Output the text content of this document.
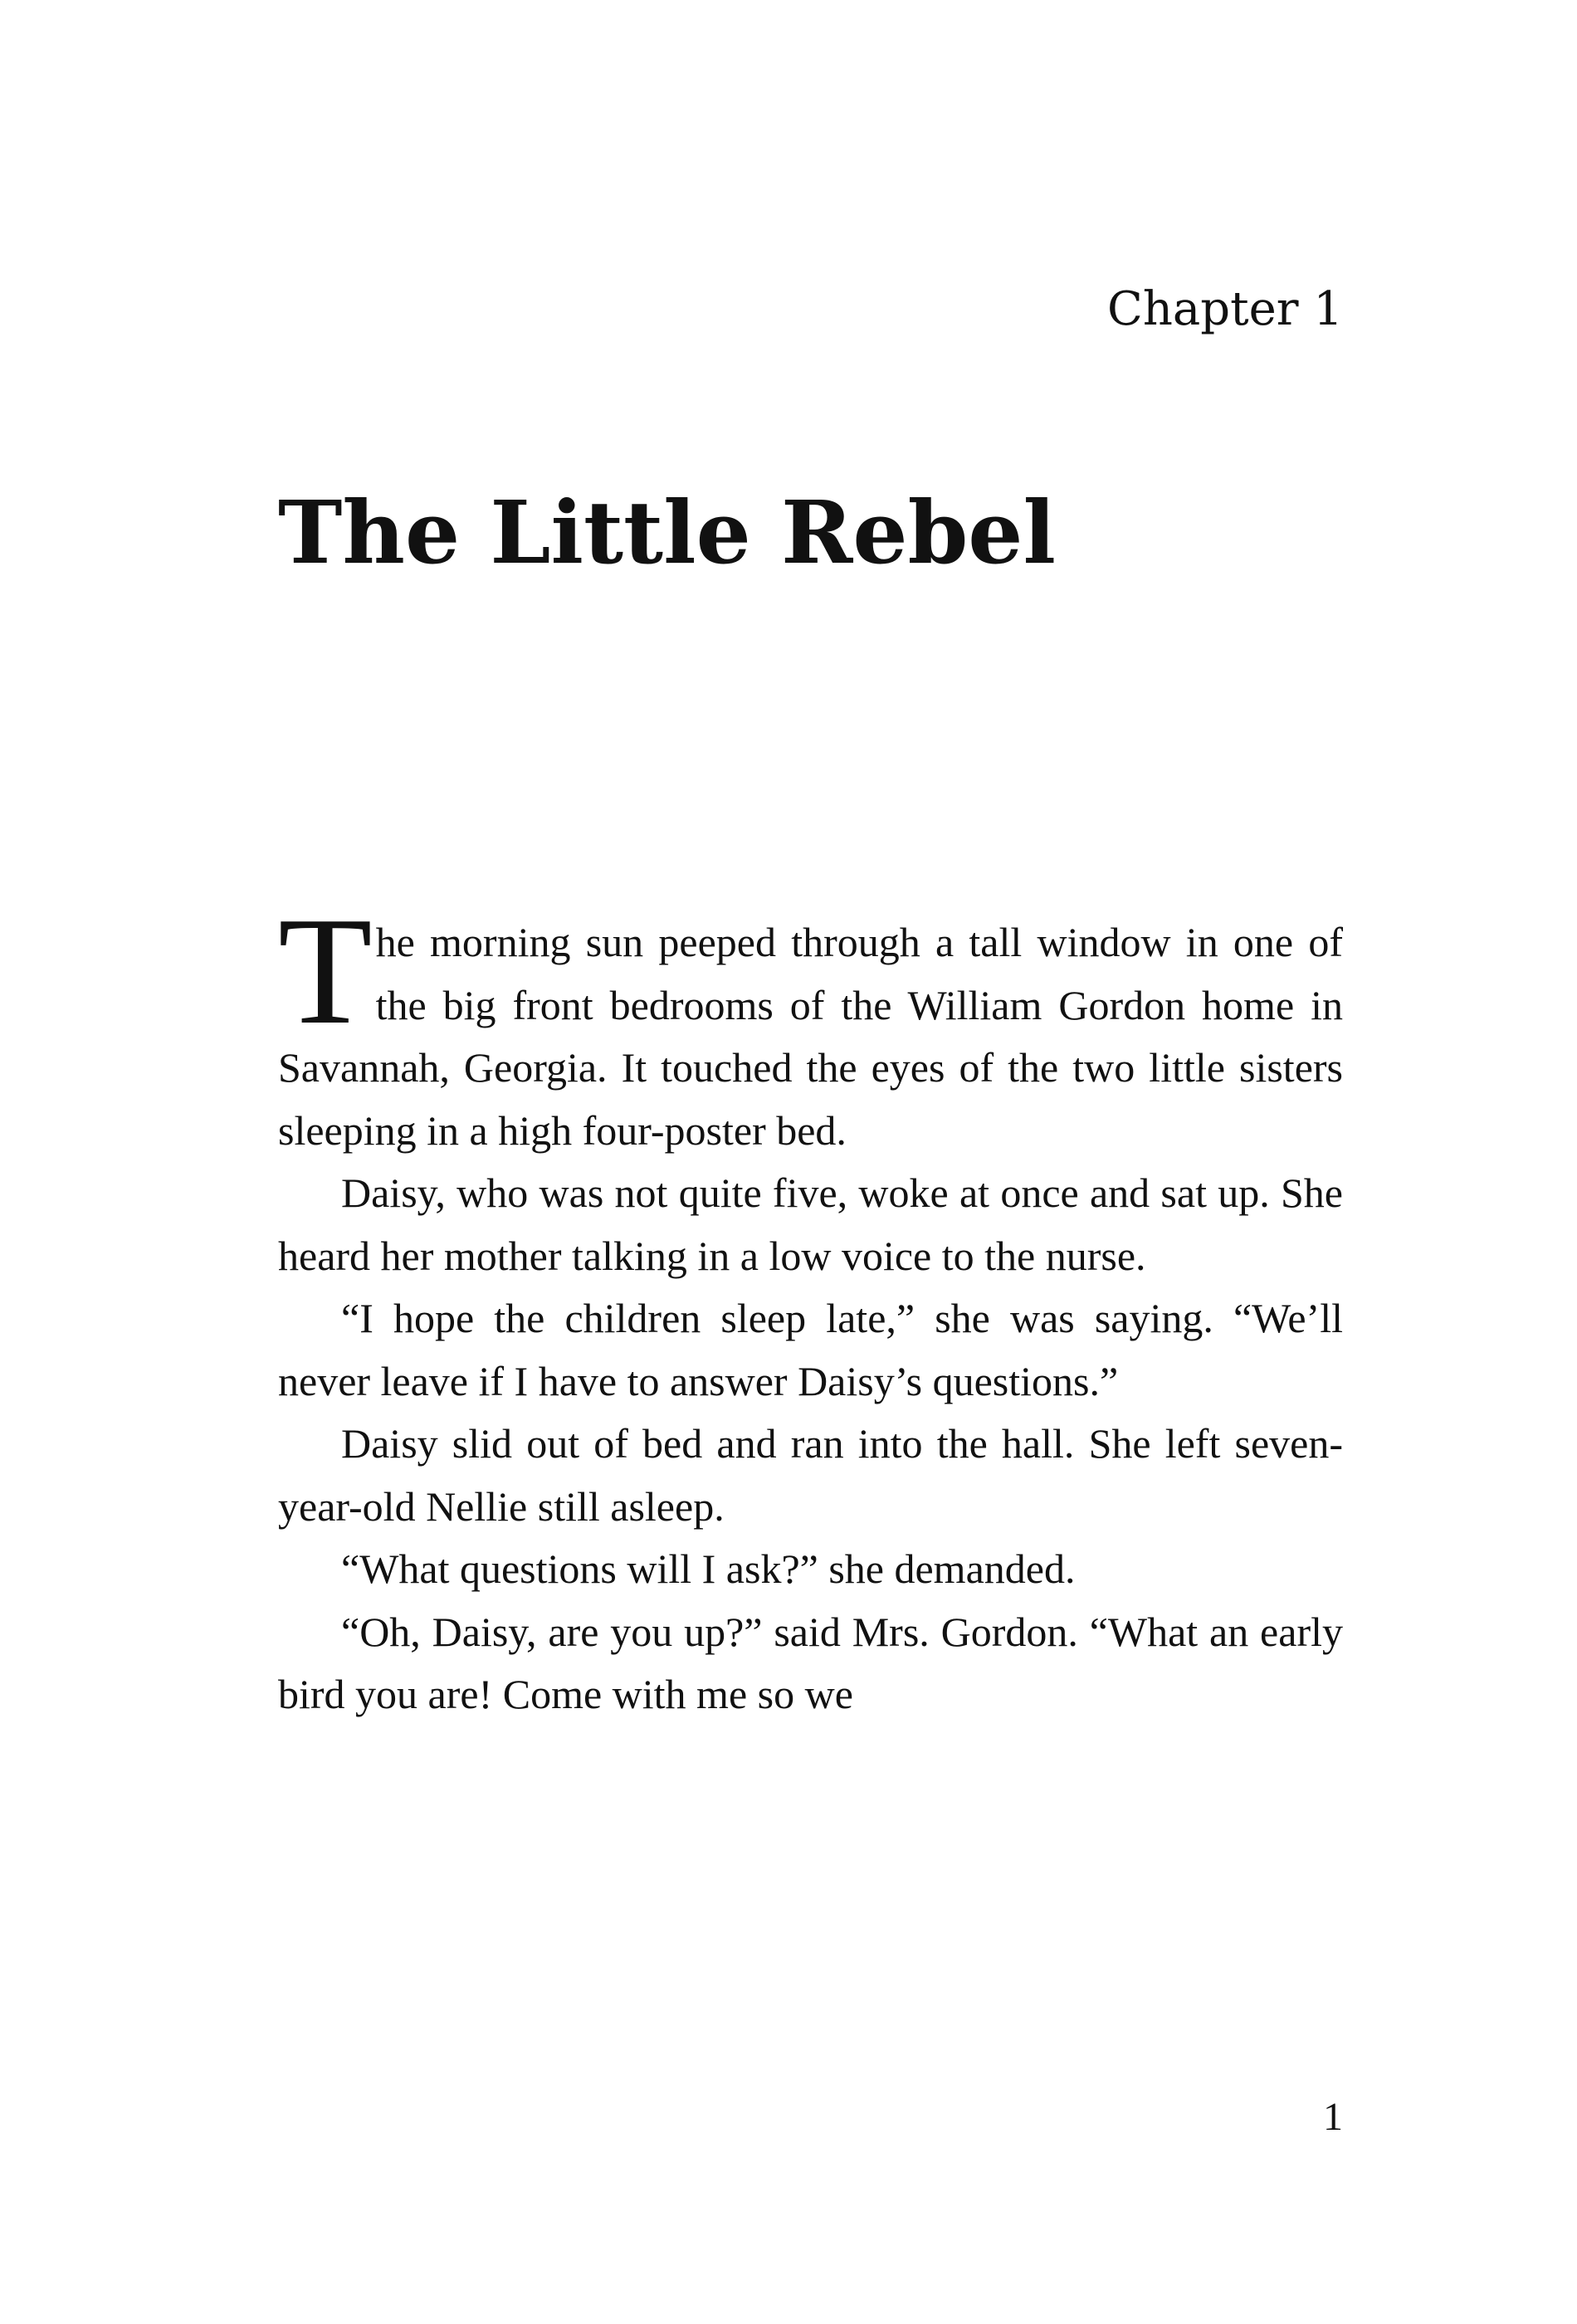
Chapter 1
The Little Rebel

The morning sun peeped through a tall window in one of the big front bedrooms of the William Gordon home in Savannah, Georgia. It touched the eyes of the two little sisters sleeping in a high four-poster bed.

Daisy, who was not quite five, woke at once and sat up. She heard her mother talking in a low voice to the nurse.

“I hope the children sleep late,” she was saying. “We’ll never leave if I have to answer Daisy’s questions.”

Daisy slid out of bed and ran into the hall. She left seven-year-old Nellie still asleep.

“What questions will I ask?” she demanded.

“Oh, Daisy, are you up?” said Mrs. Gordon. “What an early bird you are! Come with me so we

1
